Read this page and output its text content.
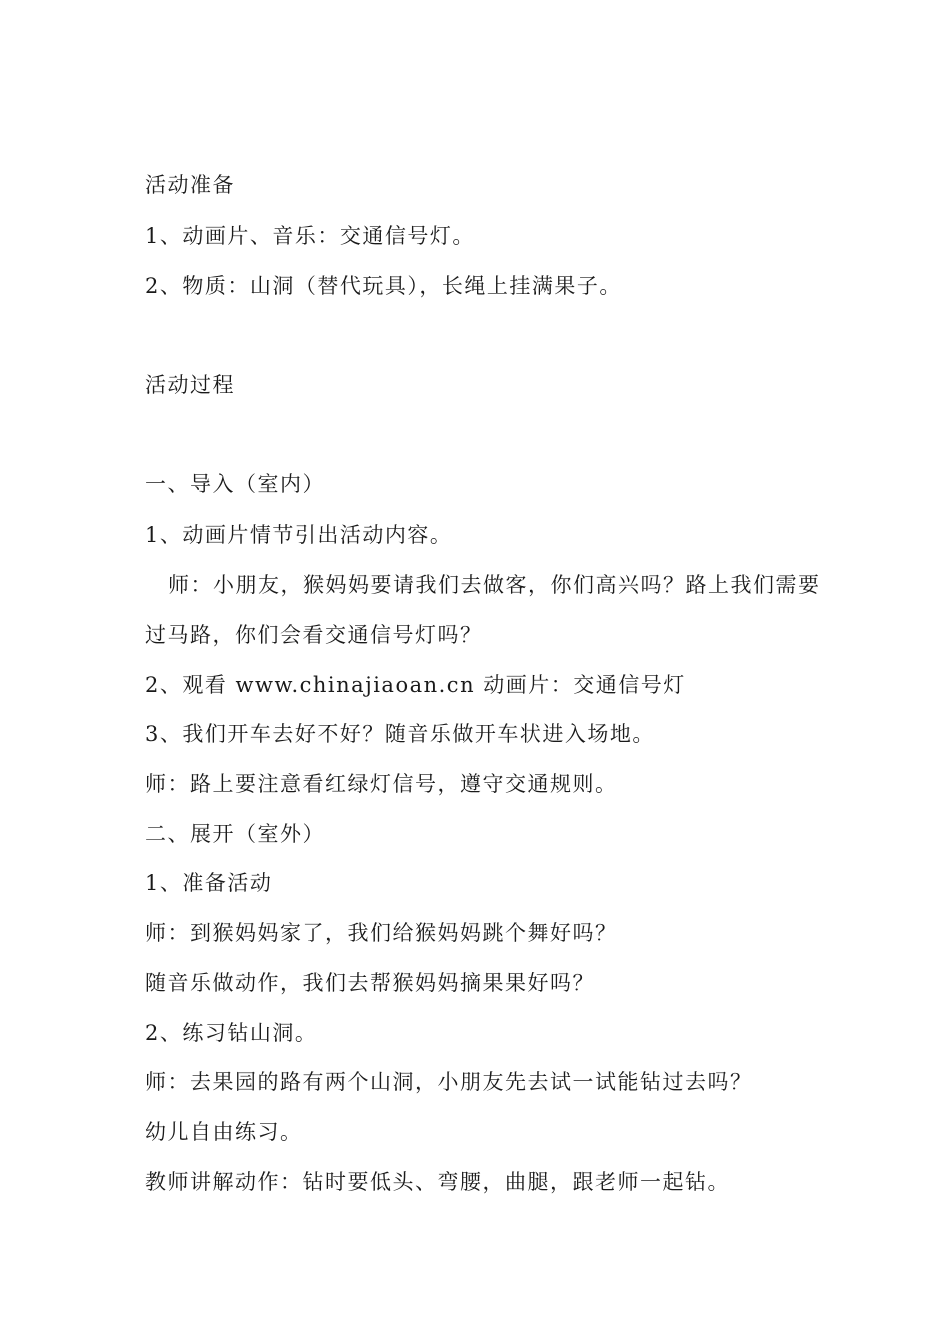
活动准备
1、动画片、音乐：交通信号灯。
2、物质：山洞（替代玩具），长绳上挂满果子。
活动过程
一、导入（室内）
1、动画片情节引出活动内容。
师：小朋友，猴妈妈要请我们去做客，你们高兴吗？路上我们需要
过马路，你们会看交通信号灯吗？
2、观看 www.chinajiaoan.cn 动画片：交通信号灯
3、我们开车去好不好？随音乐做开车状进入场地。
师：路上要注意看红绿灯信号，遵守交通规则。
二、展开（室外）
1、准备活动
师：到猴妈妈家了，我们给猴妈妈跳个舞好吗？
随音乐做动作，我们去帮猴妈妈摘果果好吗？
2、练习钻山洞。
师：去果园的路有两个山洞，小朋友先去试一试能钻过去吗？
幼儿自由练习。
教师讲解动作：钻时要低头、弯腰，曲腿，跟老师一起钻。
